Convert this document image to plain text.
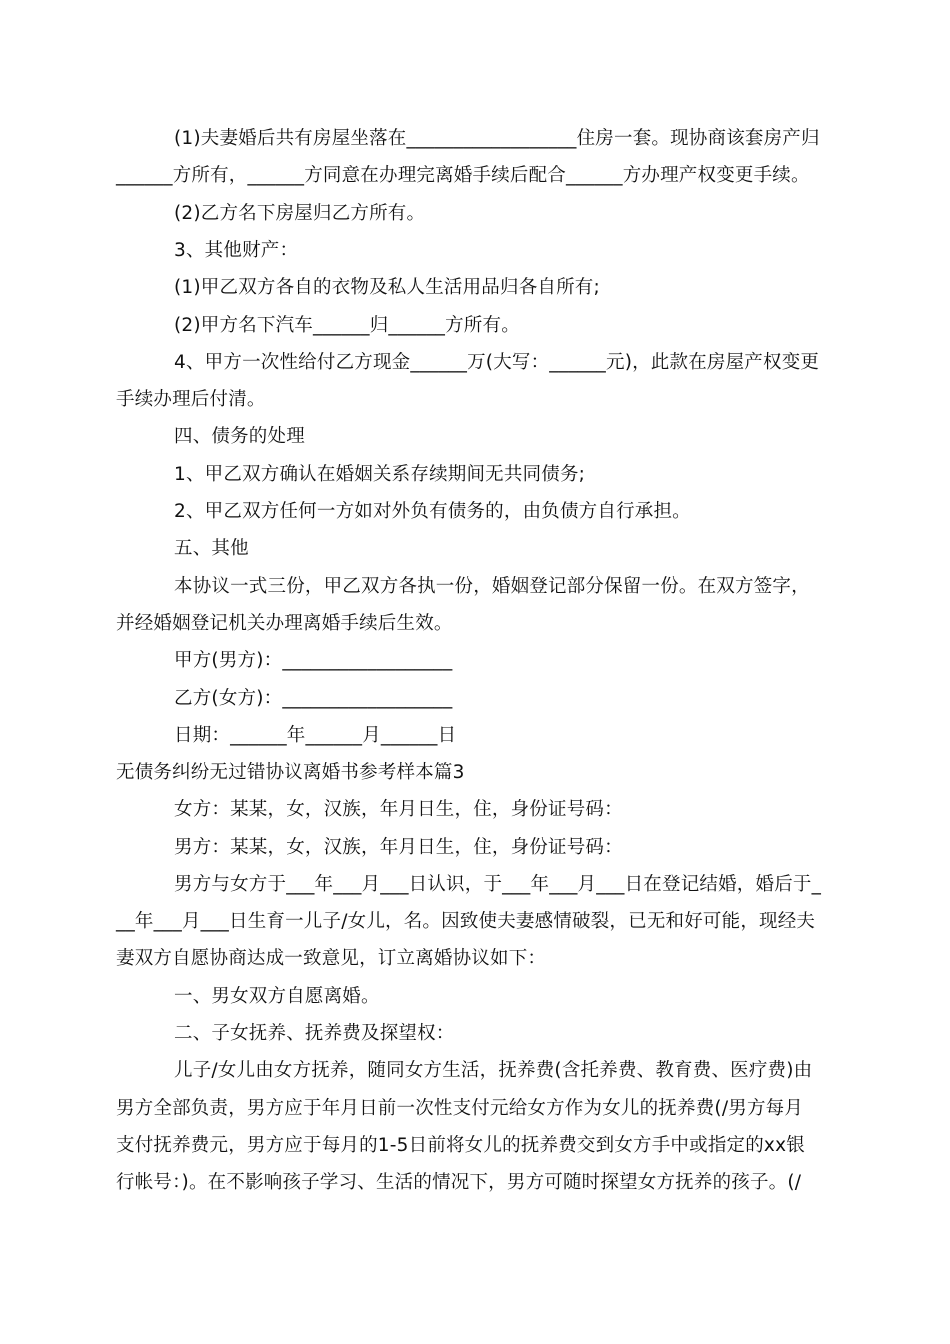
(1)夫妻婚后共有房屋坐落在__________________住房一套。现协商该套房产归
______方所有，______方同意在办理完离婚手续后配合______方办理产权变更手续。
(2)乙方名下房屋归乙方所有。
3、其他财产：
(1)甲乙双方各自的衣物及私人生活用品归各自所有;
(2)甲方名下汽车______归______方所有。
4、甲方一次性给付乙方现金______万(大写：______元)，此款在房屋产权变更
手续办理后付清。
四、债务的处理
1、甲乙双方确认在婚姻关系存续期间无共同债务;
2、甲乙双方任何一方如对外负有债务的，由负债方自行承担。
五、其他
本协议一式三份，甲乙双方各执一份，婚姻登记部分保留一份。在双方签字，
并经婚姻登记机关办理离婚手续后生效。
甲方(男方)：__________________
乙方(女方)：__________________
日期：______年______月______日
无债务纠纷无过错协议离婚书参考样本篇3
女方：某某，女，汉族，年月日生，住，身份证号码：
男方：某某，女，汉族，年月日生，住，身份证号码：
男方与女方于___年___月___日认识，于___年___月___日在登记结婚，婚后于_
__年___月___日生育一儿子/女儿，名。因致使夫妻感情破裂，已无和好可能，现经夫
妻双方自愿协商达成一致意见，订立离婚协议如下：
一、男女双方自愿离婚。
二、子女抚养、抚养费及探望权：
儿子/女儿由女方抚养，随同女方生活，抚养费(含托养费、教育费、医疗费)由
男方全部负责，男方应于年月日前一次性支付元给女方作为女儿的抚养费(/男方每月
支付抚养费元，男方应于每月的1-5日前将女儿的抚养费交到女方手中或指定的xx银
行帐号：)。在不影响孩子学习、生活的情况下，男方可随时探望女方抚养的孩子。(/
